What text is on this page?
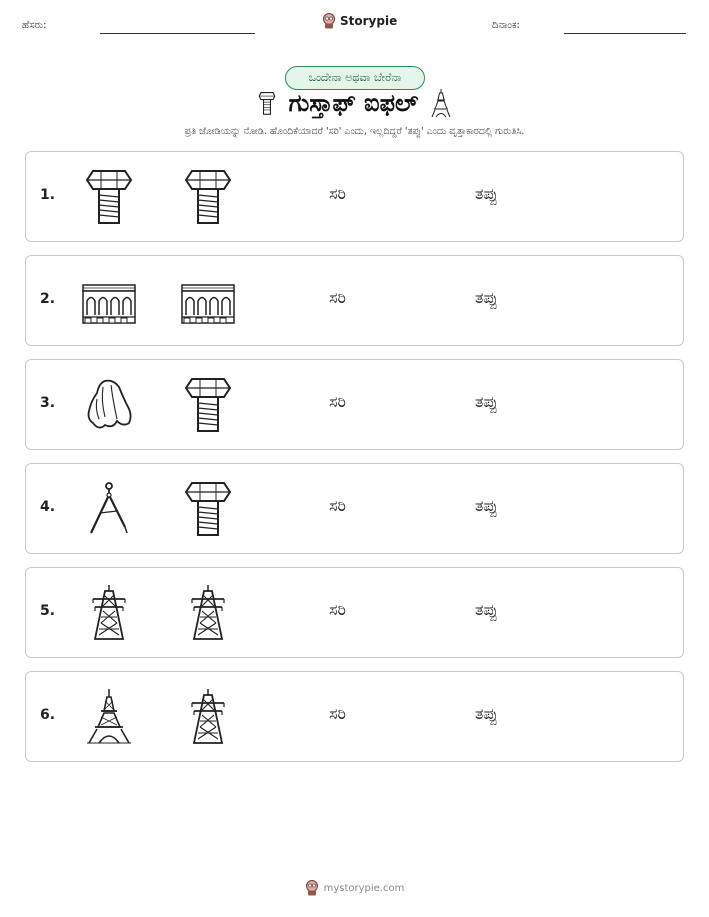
ಹೆಸರು:	Storypie	ದಿನಾಂಕ:
ಒಂದೇನಾ ಅಥವಾ ಬೇರೆನಾ
ಗುಸ್ತಾಫ್ ಐಫಲ್
ಪ್ರತಿ ಜೋಡಿಯನ್ನು ನೋಡಿ. ಹೊಂದಿಕೆಯಾದರೆ 'ಸರಿ' ಎಂದು, ಇಲ್ಲದಿದ್ದರೆ 'ತಪ್ಪು' ಎಂದು ವೃತ್ತಾಕಾರದಲ್ಲಿ ಗುರುತಿಸಿ.
1.	ಸರಿ	ತಪ್ಪು
2.	ಸರಿ	ತಪ್ಪು
3.	ಸರಿ	ತಪ್ಪು
4.	ಸರಿ	ತಪ್ಪು
5.	ಸರಿ	ತಪ್ಪು
6.	ಸರಿ	ತಪ್ಪು
mystorypie.com
